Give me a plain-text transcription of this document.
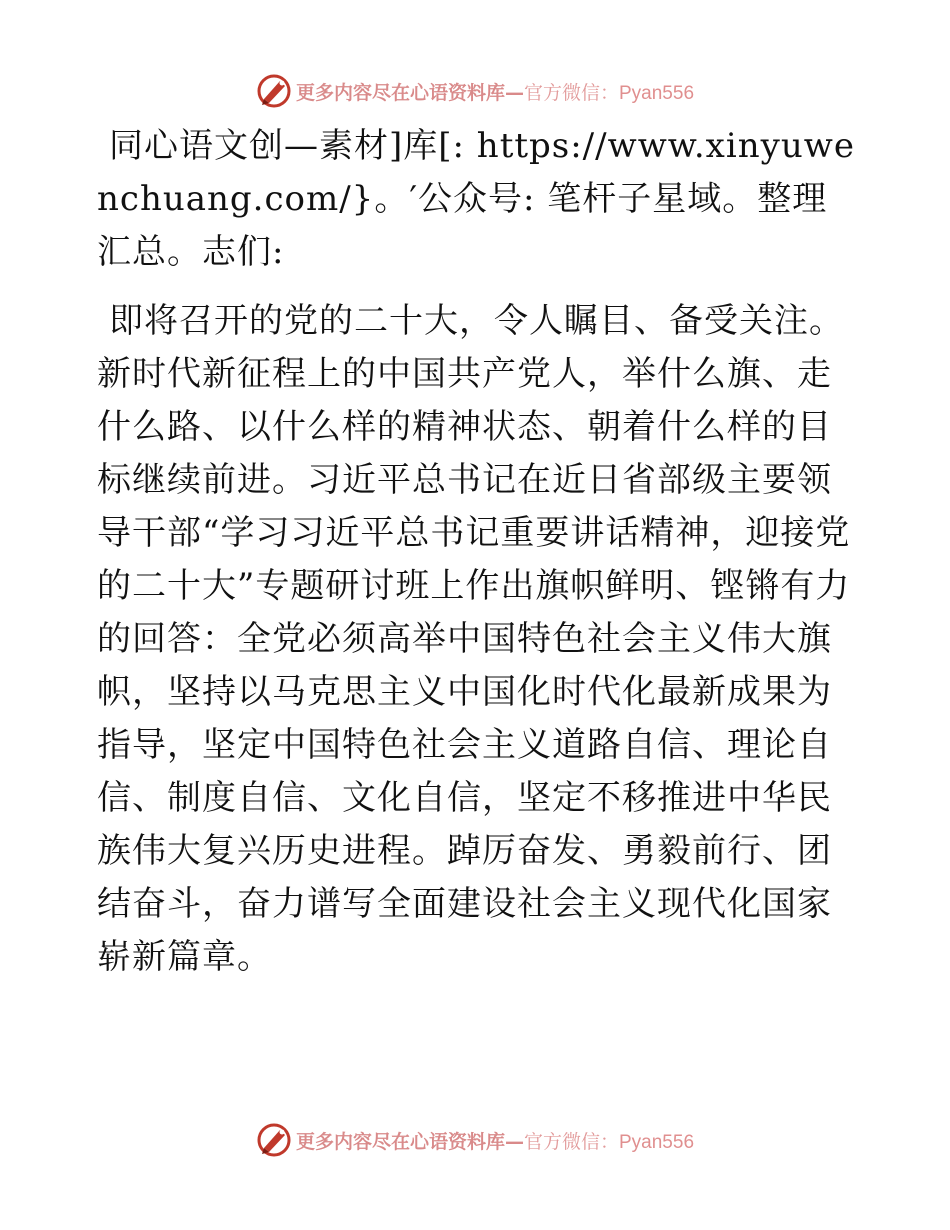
更多内容尽在心语资料库—官方微信：Pyan556

同心语文创—素材]库[: https://www.xinyuwenchuang.com/}。′公众号: 笔杆子星域。整理汇总。志们:

即将召开的党的二十大，令人瞩目、备受关注。新时代新征程上的中国共产党人，举什么旗、走什么路、以什么样的精神状态、朝着什么样的目标继续前进。习近平总书记在近日省部级主要领导干部“学习习近平总书记重要讲话精神，迎接党的二十大”专题研讨班上作出旗帜鲜明、铿锵有力的回答：全党必须高举中国特色社会主义伟大旗帜，坚持以马克思主义中国化时代化最新成果为指导，坚定中国特色社会主义道路自信、理论自信、制度自信、文化自信，坚定不移推进中华民族伟大复兴历史进程。踔厉奋发、勇毅前行、团结奋斗，奋力谱写全面建设社会主义现代化国家崭新篇章。

更多内容尽在心语资料库—官方微信：Pyan556
